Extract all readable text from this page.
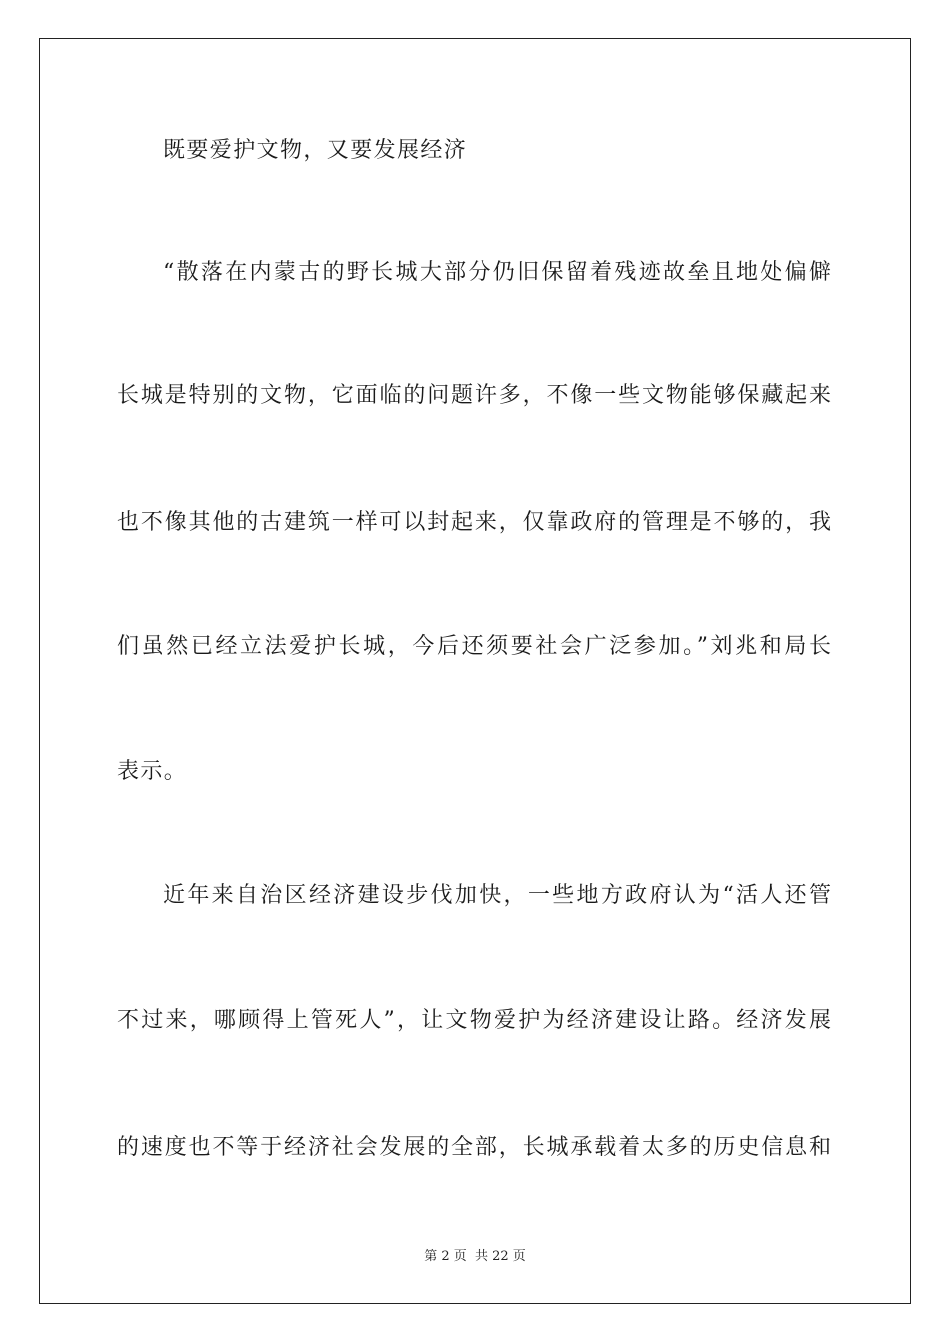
既要爱护文物，又要发展经济
“散落在内蒙古的野长城大部分仍旧保留着残迹故垒且地处偏僻
长城是特别的文物，它面临的问题许多，不像一些文物能够保藏起来
也不像其他的古建筑一样可以封起来，仅靠政府的管理是不够的，我
们虽然已经立法爱护长城，今后还须要社会广泛参加。”刘兆和局长
表示。
近年来自治区经济建设步伐加快，一些地方政府认为“活人还管
不过来，哪顾得上管死人”，让文物爱护为经济建设让路。经济发展
的速度也不等于经济社会发展的全部，长城承载着太多的历史信息和
第 2 页 共 22 页
